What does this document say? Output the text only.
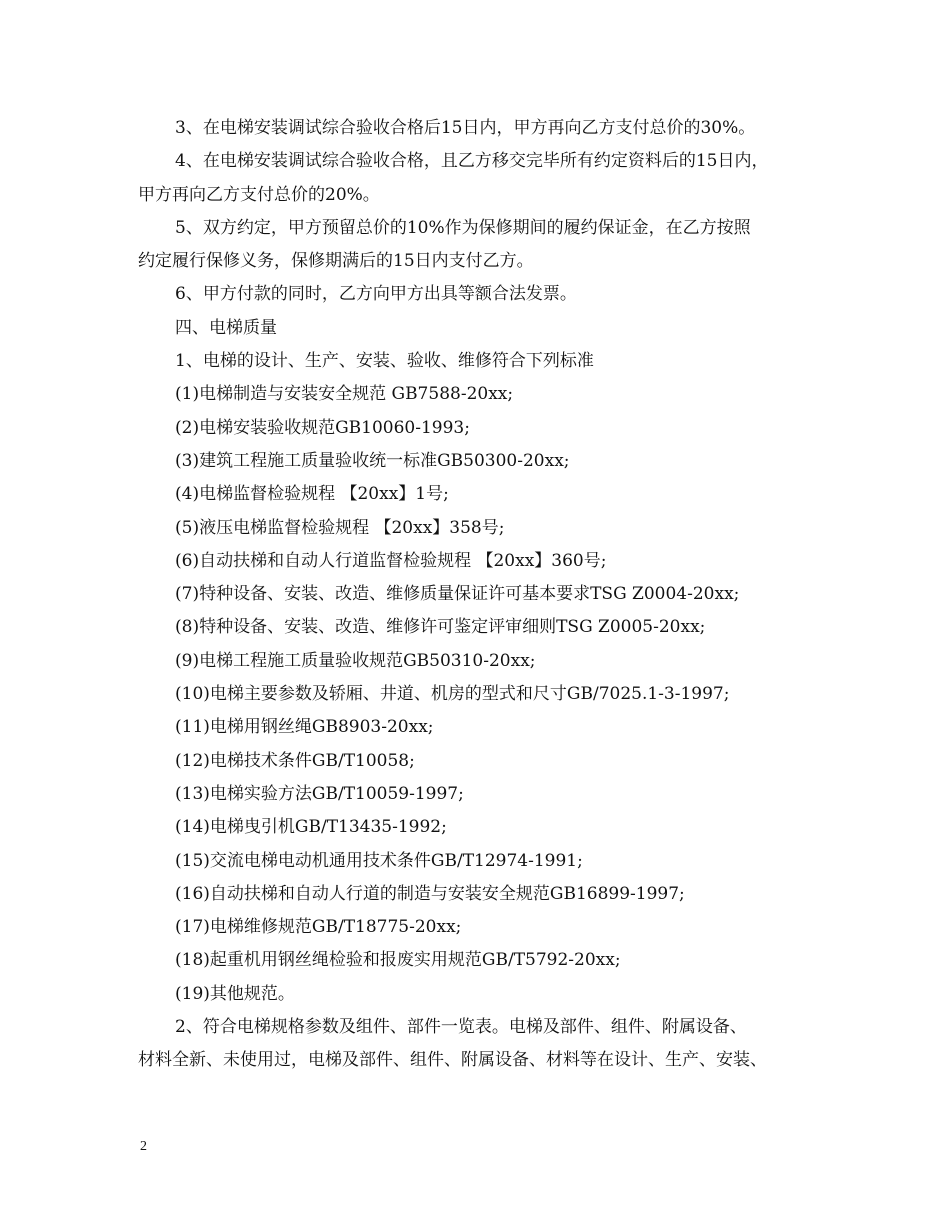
3、在电梯安装调试综合验收合格后15日内，甲方再向乙方支付总价的30%。

4、在电梯安装调试综合验收合格，且乙方移交完毕所有约定资料后的15日内，

甲方再向乙方支付总价的20%。

5、双方约定，甲方预留总价的10%作为保修期间的履约保证金，在乙方按照

约定履行保修义务，保修期满后的15日内支付乙方。

6、甲方付款的同时，乙方向甲方出具等额合法发票。

四、电梯质量

1、电梯的设计、生产、安装、验收、维修符合下列标准

(1)电梯制造与安装安全规范 GB7588-20xx;

(2)电梯安装验收规范GB10060-1993;

(3)建筑工程施工质量验收统一标准GB50300-20xx;

(4)电梯监督检验规程 【20xx】1号;

(5)液压电梯监督检验规程 【20xx】358号;

(6)自动扶梯和自动人行道监督检验规程 【20xx】360号;

(7)特种设备、安装、改造、维修质量保证许可基本要求TSG Z0004-20xx;

(8)特种设备、安装、改造、维修许可鉴定评审细则TSG Z0005-20xx;

(9)电梯工程施工质量验收规范GB50310-20xx;

(10)电梯主要参数及轿厢、井道、机房的型式和尺寸GB/7025.1-3-1997;

(11)电梯用钢丝绳GB8903-20xx;

(12)电梯技术条件GB/T10058;

(13)电梯实验方法GB/T10059-1997;

(14)电梯曳引机GB/T13435-1992;

(15)交流电梯电动机通用技术条件GB/T12974-1991;

(16)自动扶梯和自动人行道的制造与安装安全规范GB16899-1997;

(17)电梯维修规范GB/T18775-20xx;

(18)起重机用钢丝绳检验和报废实用规范GB/T5792-20xx;

(19)其他规范。

2、符合电梯规格参数及组件、部件一览表。电梯及部件、组件、附属设备、

材料全新、未使用过，电梯及部件、组件、附属设备、材料等在设计、生产、安装、

2
